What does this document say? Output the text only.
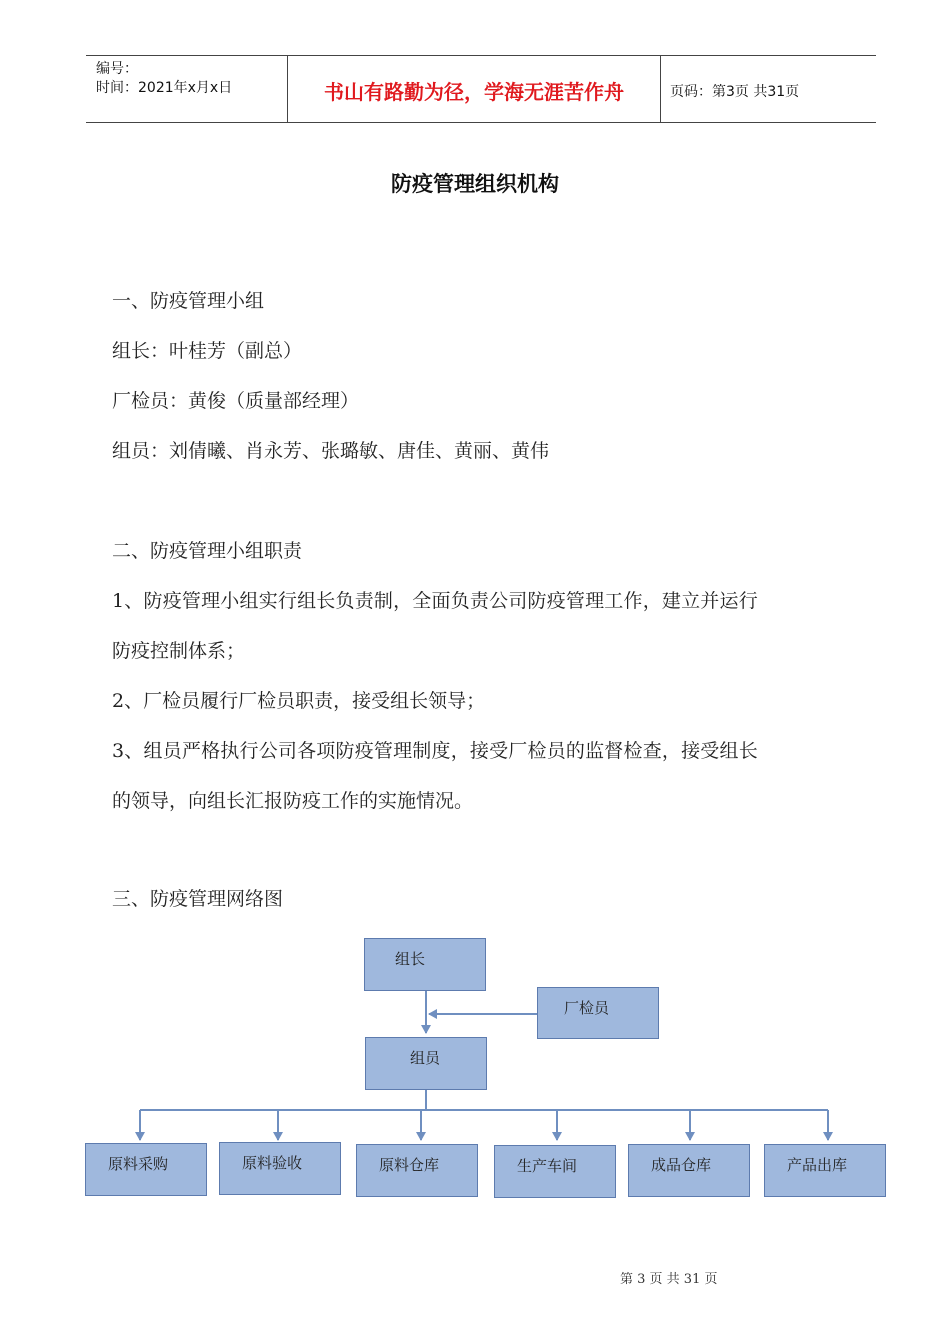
编号：
时间：2021年x月x日	书山有路勤为径，学海无涯苦作舟	页码：第3页 共31页
防疫管理组织机构
一、防疫管理小组
组长：叶桂芳（副总）
厂检员：黄俊（质量部经理）
组员：刘倩曦、肖永芳、张璐敏、唐佳、黄丽、黄伟
二、防疫管理小组职责
1、防疫管理小组实行组长负责制，全面负责公司防疫管理工作，建立并运行
防疫控制体系；
2、厂检员履行厂检员职责，接受组长领导；
3、组员严格执行公司各项防疫管理制度，接受厂检员的监督检查，接受组长
的领导，向组长汇报防疫工作的实施情况。
三、防疫管理网络图
组长
厂检员
组员
原料采购	原料验收	原料仓库	生产车间	成品仓库	产品出库
第 3 页 共 31 页
